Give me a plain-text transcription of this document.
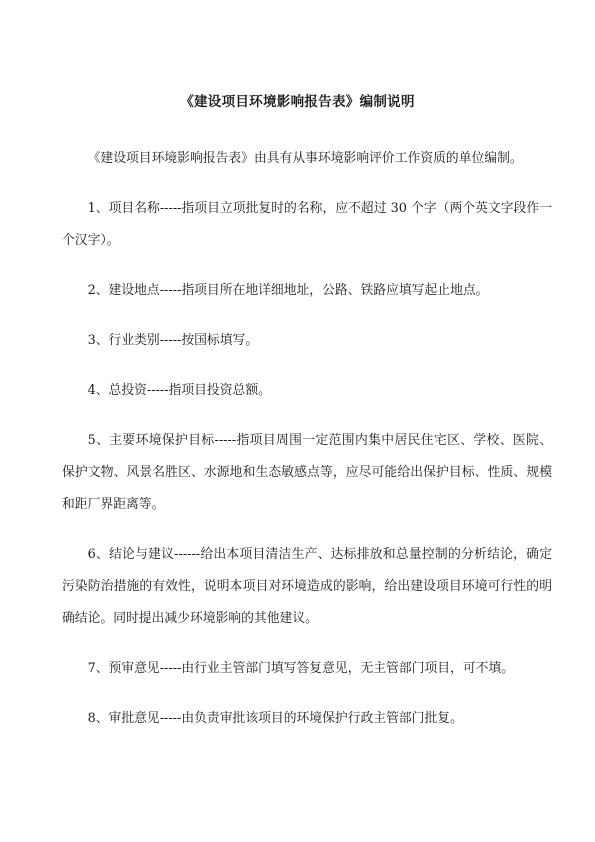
《建设项目环境影响报告表》编制说明

《建设项目环境影响报告表》由具有从事环境影响评价工作资质的单位编制。

1、项目名称-----指项目立项批复时的名称，应不超过 30 个字（两个英文字段作一个汉字）。

2、建设地点-----指项目所在地详细地址，公路、铁路应填写起止地点。

3、行业类别-----按国标填写。

4、总投资-----指项目投资总额。

5、主要环境保护目标-----指项目周围一定范围内集中居民住宅区、学校、医院、保护文物、风景名胜区、水源地和生态敏感点等，应尽可能给出保护目标、性质、规模和距厂界距离等。

6、结论与建议------给出本项目清洁生产、达标排放和总量控制的分析结论，确定污染防治措施的有效性，说明本项目对环境造成的影响，给出建设项目环境可行性的明确结论。同时提出减少环境影响的其他建议。

7、预审意见-----由行业主管部门填写答复意见，无主管部门项目，可不填。

8、审批意见-----由负责审批该项目的环境保护行政主管部门批复。
